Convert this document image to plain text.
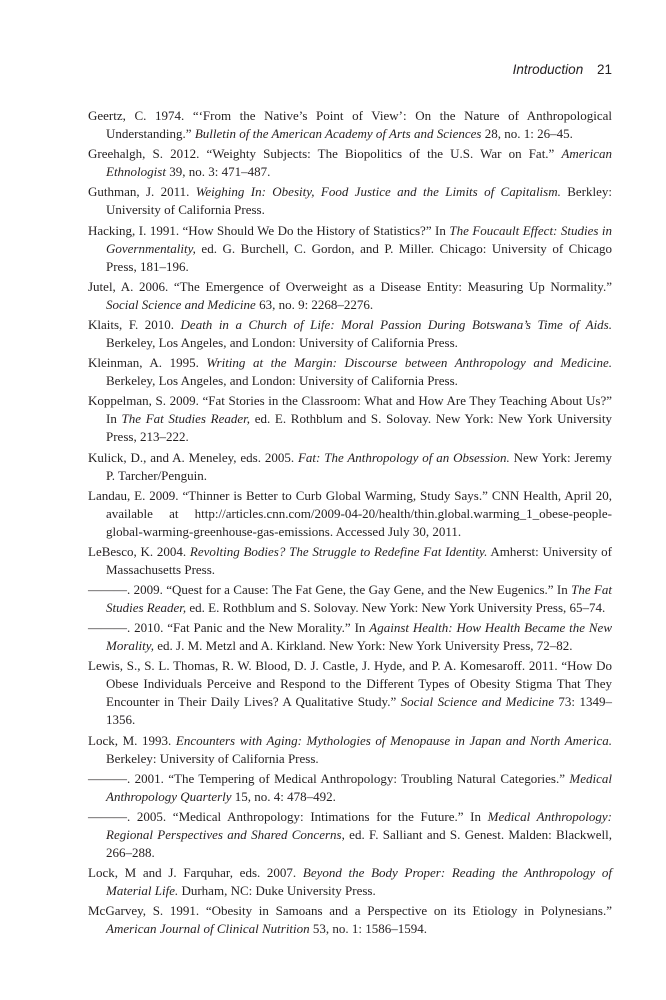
Introduction 21

Geertz, C. 1974. “‘From the Native’s Point of View’: On the Nature of Anthropological Understanding.” Bulletin of the American Academy of Arts and Sciences 28, no. 1: 26–45.

Greehalgh, S. 2012. “Weighty Subjects: The Biopolitics of the U.S. War on Fat.” American Ethnologist 39, no. 3: 471–487.

Guthman, J. 2011. Weighing In: Obesity, Food Justice and the Limits of Capitalism. Berkley: University of California Press.

Hacking, I. 1991. “How Should We Do the History of Statistics?” In The Foucault Effect: Studies in Governmentality, ed. G. Burchell, C. Gordon, and P. Miller. Chicago: University of Chicago Press, 181–196.

Jutel, A. 2006. “The Emergence of Overweight as a Disease Entity: Measuring Up Normality.” Social Science and Medicine 63, no. 9: 2268–2276.

Klaits, F. 2010. Death in a Church of Life: Moral Passion During Botswana’s Time of Aids. Berkeley, Los Angeles, and London: University of California Press.

Kleinman, A. 1995. Writing at the Margin: Discourse between Anthropology and Medicine. Berkeley, Los Angeles, and London: University of California Press.

Koppelman, S. 2009. “Fat Stories in the Classroom: What and How Are They Teaching About Us?” In The Fat Studies Reader, ed. E. Rothblum and S. Solovay. New York: New York University Press, 213–222.

Kulick, D., and A. Meneley, eds. 2005. Fat: The Anthropology of an Obsession. New York: Jeremy P. Tarcher/Penguin.

Landau, E. 2009. “Thinner is Better to Curb Global Warming, Study Says.” CNN Health, April 20, available at http://articles.cnn.com/2009-04-20/health/thin.global.warming_1_obese-people-global-warming-greenhouse-gas-emissions. Accessed July 30, 2011.

LeBesco, K. 2004. Revolting Bodies? The Struggle to Redefine Fat Identity. Amherst: University of Massachusetts Press.

———. 2009. “Quest for a Cause: The Fat Gene, the Gay Gene, and the New Eugenics.” In The Fat Studies Reader, ed. E. Rothblum and S. Solovay. New York: New York University Press, 65–74.

———. 2010. “Fat Panic and the New Morality.” In Against Health: How Health Became the New Morality, ed. J. M. Metzl and A. Kirkland. New York: New York University Press, 72–82.

Lewis, S., S. L. Thomas, R. W. Blood, D. J. Castle, J. Hyde, and P. A. Komesaroff. 2011. “How Do Obese Individuals Perceive and Respond to the Different Types of Obesity Stigma That They Encounter in Their Daily Lives? A Qualitative Study.” Social Science and Medicine 73: 1349–1356.

Lock, M. 1993. Encounters with Aging: Mythologies of Menopause in Japan and North America. Berkeley: University of California Press.

———. 2001. “The Tempering of Medical Anthropology: Troubling Natural Categories.” Medical Anthropology Quarterly 15, no. 4: 478–492.

———. 2005. “Medical Anthropology: Intimations for the Future.” In Medical Anthropology: Regional Perspectives and Shared Concerns, ed. F. Salliant and S. Genest. Malden: Blackwell, 266–288.

Lock, M and J. Farquhar, eds. 2007. Beyond the Body Proper: Reading the Anthropology of Material Life. Durham, NC: Duke University Press.

McGarvey, S. 1991. “Obesity in Samoans and a Perspective on its Etiology in Polynesians.” American Journal of Clinical Nutrition 53, no. 1: 1586–1594.
